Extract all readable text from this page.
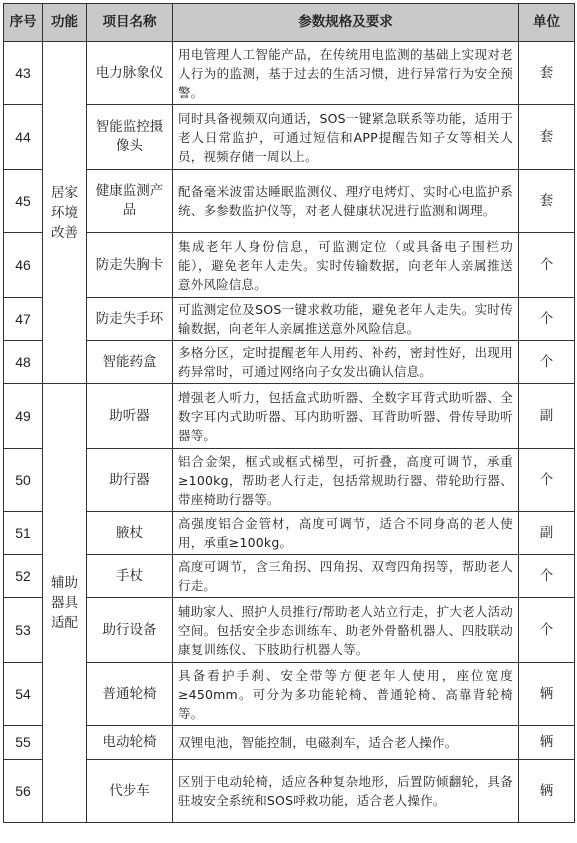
序号	功能	项目名称	参数规格及要求	单位
43	居家环境改善	电力脉象仪	用电管理人工智能产品，在传统用电监测的基础上实现对老人行为的监测，基于过去的生活习惯，进行异常行为安全预警。	套
44		智能监控摄像头	同时具备视频双向通话，SOS一键紧急联系等功能，适用于老人日常监护，可通过短信和APP提醒告知子女等相关人员，视频存储一周以上。	套
45		健康监测产品	配备毫米波雷达睡眠监测仪、理疗电烤灯、实时心电监护系统、多参数监护仪等，对老人健康状况进行监测和调理。	套
46		防走失胸卡	集成老年人身份信息，可监测定位（或具备电子围栏功能），避免老年人走失。实时传输数据，向老年人亲属推送意外风险信息。	个
47		防走失手环	可监测定位及SOS一键求救功能，避免老年人走失。实时传输数据，向老年人亲属推送意外风险信息。	个
48		智能药盒	多格分区，定时提醒老年人用药、补药，密封性好，出现用药异常时，可通过网络向子女发出确认信息。	个
49	辅助器具适配	助听器	增强老人听力，包括盒式助听器、全数字耳背式助听器、全数字耳内式助听器、耳内助听器、耳背助听器、骨传导助听器等。	副
50		助行器	铝合金架，框式或框式梯型，可折叠，高度可调节，承重≥100kg，帮助老人行走，包括常规助行器、带轮助行器、带座椅助行器等。	个
51		腋杖	高强度铝合金管材，高度可调节，适合不同身高的老人使用，承重≥100kg。	副
52		手杖	高度可调节，含三角拐、四角拐、双弯四角拐等，帮助老人行走。	个
53		助行设备	辅助家人、照护人员推行/帮助老人站立行走，扩大老人活动空间。包括安全步态训练车、助老外骨骼机器人、四肢联动康复训练仪、下肢助行机器人等。	个
54		普通轮椅	具备看护手刹、安全带等方便老年人使用，座位宽度≥450mm。可分为多功能轮椅、普通轮椅、高靠背轮椅等。	辆
55		电动轮椅	双锂电池，智能控制，电磁刹车，适合老人操作。	辆
56		代步车	区别于电动轮椅，适应各种复杂地形，后置防倾翻轮，具备驻坡安全系统和SOS呼救功能，适合老人操作。	辆
